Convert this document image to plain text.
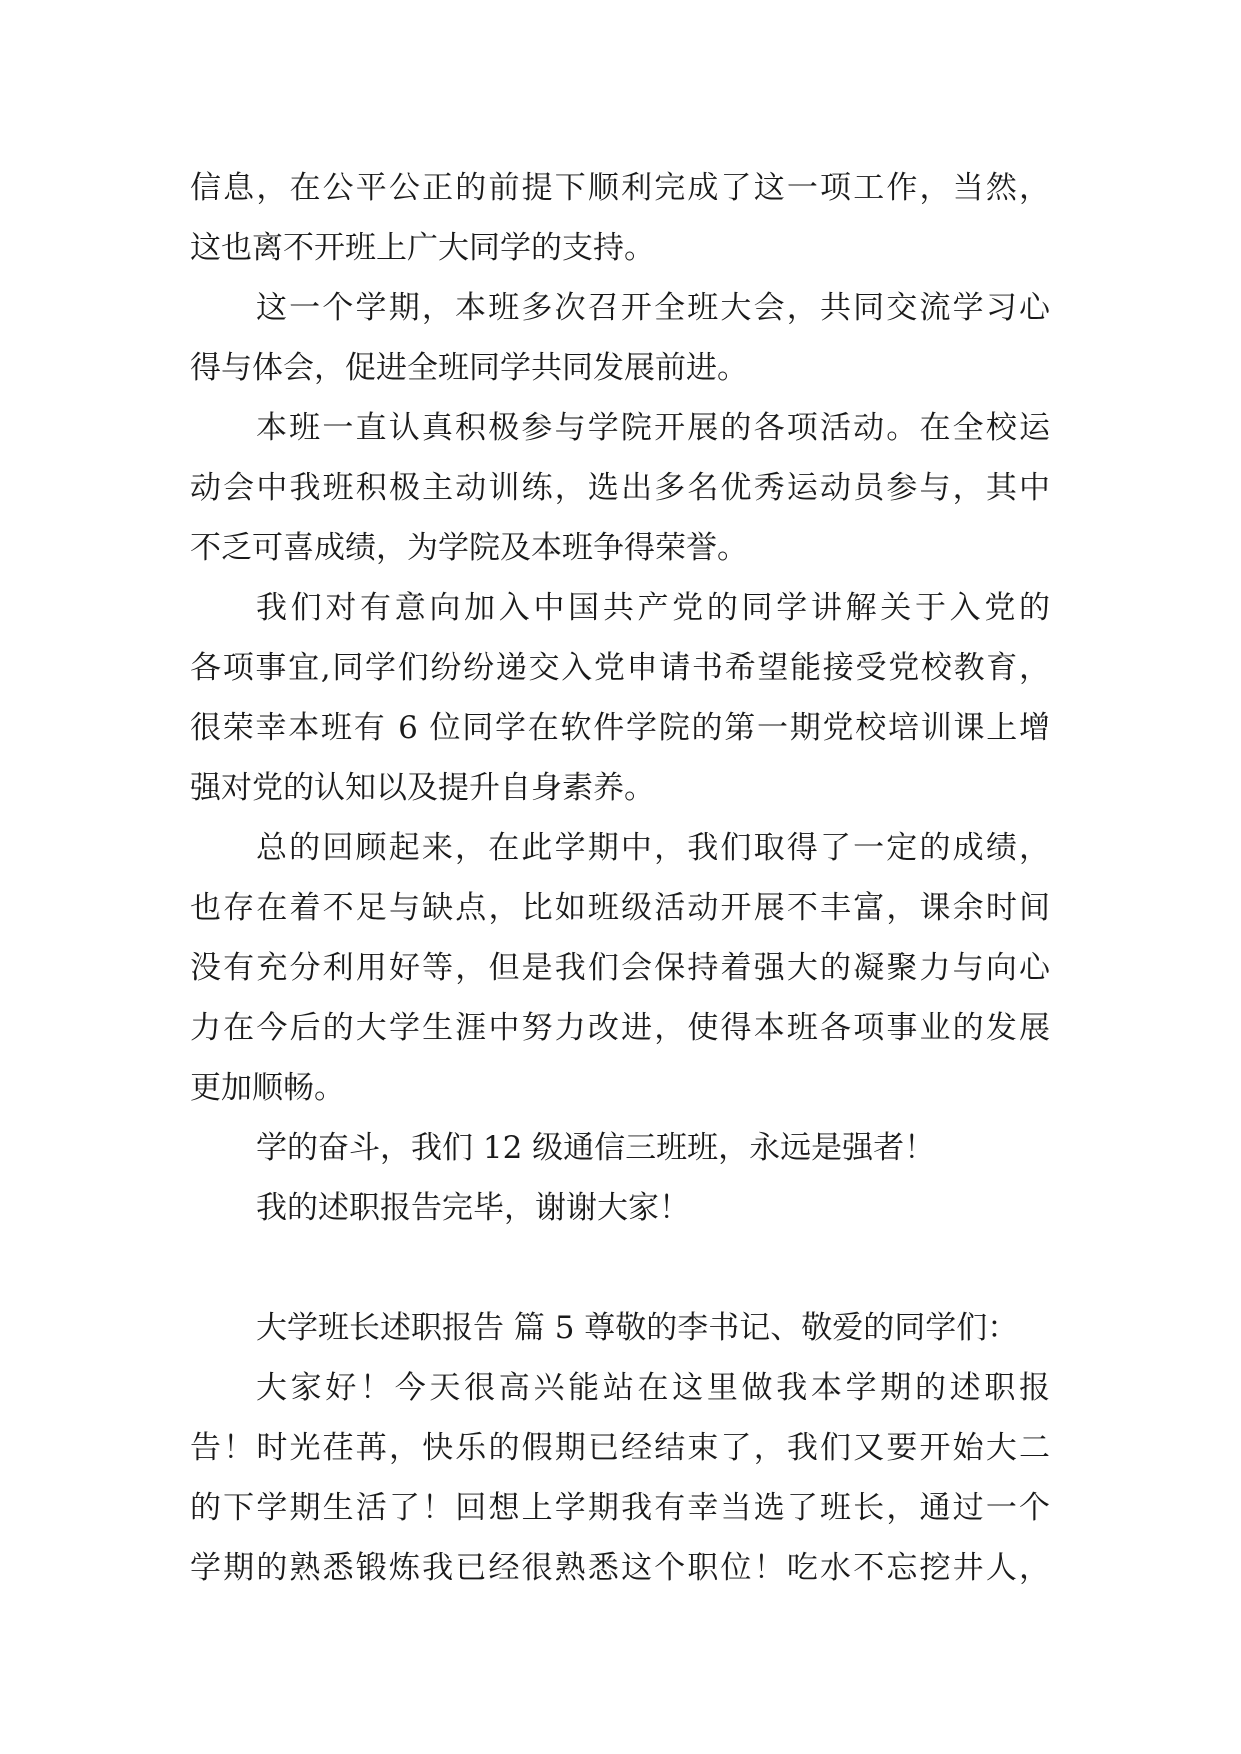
信息，在公平公正的前提下顺利完成了这一项工作，当然，
这也离不开班上广大同学的支持。
这一个学期，本班多次召开全班大会，共同交流学习心
得与体会，促进全班同学共同发展前进。
本班一直认真积极参与学院开展的各项活动。在全校运
动会中我班积极主动训练，选出多名优秀运动员参与，其中
不乏可喜成绩，为学院及本班争得荣誉。
我们对有意向加入中国共产党的同学讲解关于入党的
各项事宜,同学们纷纷递交入党申请书希望能接受党校教育，
很荣幸本班有 6 位同学在软件学院的第一期党校培训课上增
强对党的认知以及提升自身素养。
总的回顾起来，在此学期中，我们取得了一定的成绩，
也存在着不足与缺点，比如班级活动开展不丰富，课余时间
没有充分利用好等，但是我们会保持着强大的凝聚力与向心
力在今后的大学生涯中努力改进，使得本班各项事业的发展
更加顺畅。
学的奋斗，我们 12 级通信三班班，永远是强者！
我的述职报告完毕，谢谢大家！
大学班长述职报告 篇 5 尊敬的李书记、敬爱的同学们：
大家好！今天很高兴能站在这里做我本学期的述职报
告！时光荏苒，快乐的假期已经结束了，我们又要开始大二
的下学期生活了！回想上学期我有幸当选了班长，通过一个
学期的熟悉锻炼我已经很熟悉这个职位！吃水不忘挖井人，
